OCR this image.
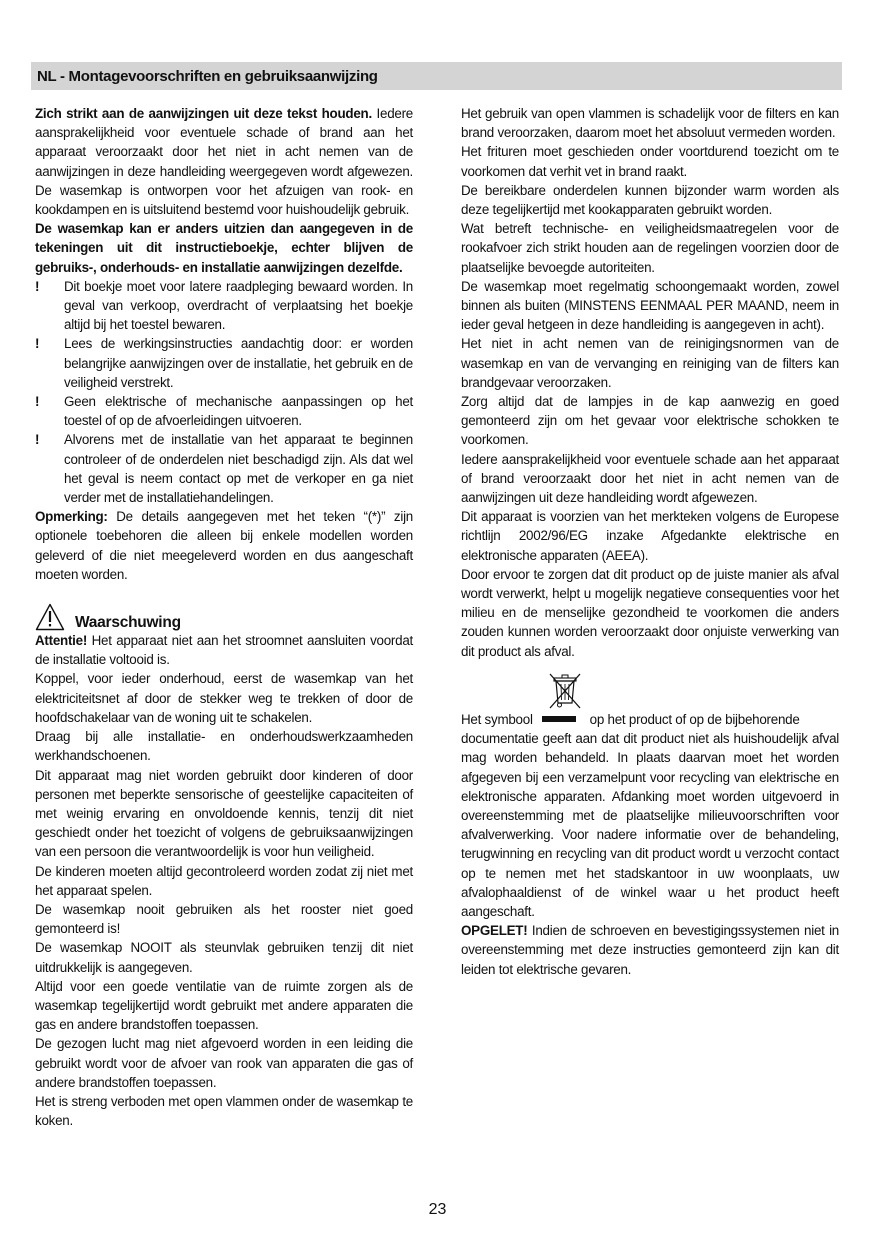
NL - Montagevoorschriften en gebruiksaanwijzing

Zich strikt aan de aanwijzingen uit deze tekst houden. Iedere aansprakelijkheid voor eventuele schade of brand aan het apparaat veroorzaakt door het niet in acht nemen van de aanwijzingen in deze handleiding weergegeven wordt afgewezen. De wasemkap is ontworpen voor het afzuigen van rook- en kookdampen en is uitsluitend bestemd voor huishoudelijk gebruik.

De wasemkap kan er anders uitzien dan aangegeven in de tekeningen uit dit instructieboekje, echter blijven de gebruiks-, onderhouds- en installatie aanwijzingen dezelfde.

!	Dit boekje moet voor latere raadpleging bewaard worden. In geval van verkoop, overdracht of verplaatsing het boekje altijd bij het toestel bewaren.
!	Lees de werkingsinstructies aandachtig door: er worden belangrijke aanwijzingen over de installatie, het gebruik en de veiligheid verstrekt.
!	Geen elektrische of mechanische aanpassingen op het toestel of op de afvoerleidingen uitvoeren.
!	Alvorens met de installatie van het apparaat te beginnen controleer of de onderdelen niet beschadigd zijn. Als dat wel het geval is neem contact op met de verkoper en ga niet verder met de installatiehandelingen.

Opmerking: De details aangegeven met het teken “(*)” zijn optionele toebehoren die alleen bij enkele modellen worden geleverd of die niet meegeleverd worden en dus aangeschaft moeten worden.

Waarschuwing

Attentie! Het apparaat niet aan het stroomnet aansluiten voordat de installatie voltooid is.

Koppel, voor ieder onderhoud, eerst de wasemkap van het elektriciteitsnet af door de stekker weg te trekken of door de hoofdschakelaar van de woning uit te schakelen.

Draag bij alle installatie- en onderhoudswerkzaamheden werkhandschoenen.

Dit apparaat mag niet worden gebruikt door kinderen of door personen met beperkte sensorische of geestelijke capaciteiten of met weinig ervaring en onvoldoende kennis, tenzij dit niet geschiedt onder het toezicht of volgens de gebruiksaanwijzingen van een persoon die verantwoordelijk is voor hun veiligheid.

De kinderen moeten altijd gecontroleerd worden zodat zij niet met het apparaat spelen.

De wasemkap nooit gebruiken als het rooster niet goed gemonteerd is!

De wasemkap NOOIT als steunvlak gebruiken tenzij dit niet uitdrukkelijk is aangegeven.

Altijd voor een goede ventilatie van de ruimte zorgen als de wasemkap tegelijkertijd wordt gebruikt met andere apparaten die gas en andere brandstoffen toepassen.

De gezogen lucht mag niet afgevoerd worden in een leiding die gebruikt wordt voor de afvoer van rook van apparaten die gas of andere brandstoffen toepassen.

Het is streng verboden met open vlammen onder de wasemkap te koken.

Het gebruik van open vlammen is schadelijk voor de filters en kan brand veroorzaken, daarom moet het absoluut vermeden worden.

Het frituren moet geschieden onder voortdurend toezicht om te voorkomen dat verhit vet in brand raakt.

De bereikbare onderdelen kunnen bijzonder warm worden als deze tegelijkertijd met kookapparaten gebruikt worden.

Wat betreft technische- en veiligheidsmaatregelen voor de rookafvoer zich strikt houden aan de regelingen voorzien door de plaatselijke bevoegde autoriteiten.

De wasemkap moet regelmatig schoongemaakt worden, zowel binnen als buiten (MINSTENS EENMAAL PER MAAND, neem in ieder geval hetgeen in deze handleiding is aangegeven in acht).

Het niet in acht nemen van de reinigingsnormen van de wasemkap en van de vervanging en reiniging van de filters kan brandgevaar veroorzaken.

Zorg altijd dat de lampjes in de kap aanwezig en goed gemonteerd zijn om het gevaar voor elektrische schokken te voorkomen.

Iedere aansprakelijkheid voor eventuele schade aan het apparaat of brand veroorzaakt door het niet in acht nemen van de aanwijzingen uit deze handleiding wordt afgewezen.

Dit apparaat is voorzien van het merkteken volgens de Europese richtlijn 2002/96/EG inzake Afgedankte elektrische en elektronische apparaten (AEEA).

Door ervoor te zorgen dat dit product op de juiste manier als afval wordt verwerkt, helpt u mogelijk negatieve consequenties voor het milieu en de menselijke gezondheid te voorkomen die anders zouden kunnen worden veroorzaakt door onjuiste verwerking van dit product als afval.

Het symbool	op het product of op de bijbehorende

documentatie geeft aan dat dit product niet als huishoudelijk afval mag worden behandeld. In plaats daarvan moet het worden afgegeven bij een verzamelpunt voor recycling van elektrische en elektronische apparaten. Afdanking moet worden uitgevoerd in overeenstemming met de plaatselijke milieuvoorschriften voor afvalverwerking. Voor nadere informatie over de behandeling, terugwinning en recycling van dit product wordt u verzocht contact op te nemen met het stadskantoor in uw woonplaats, uw afvalophaaldienst of de winkel waar u het product heeft aangeschaft.

OPGELET! Indien de schroeven en bevestigingssystemen niet in overeenstemming met deze instructies gemonteerd zijn kan dit leiden tot elektrische gevaren.

23
